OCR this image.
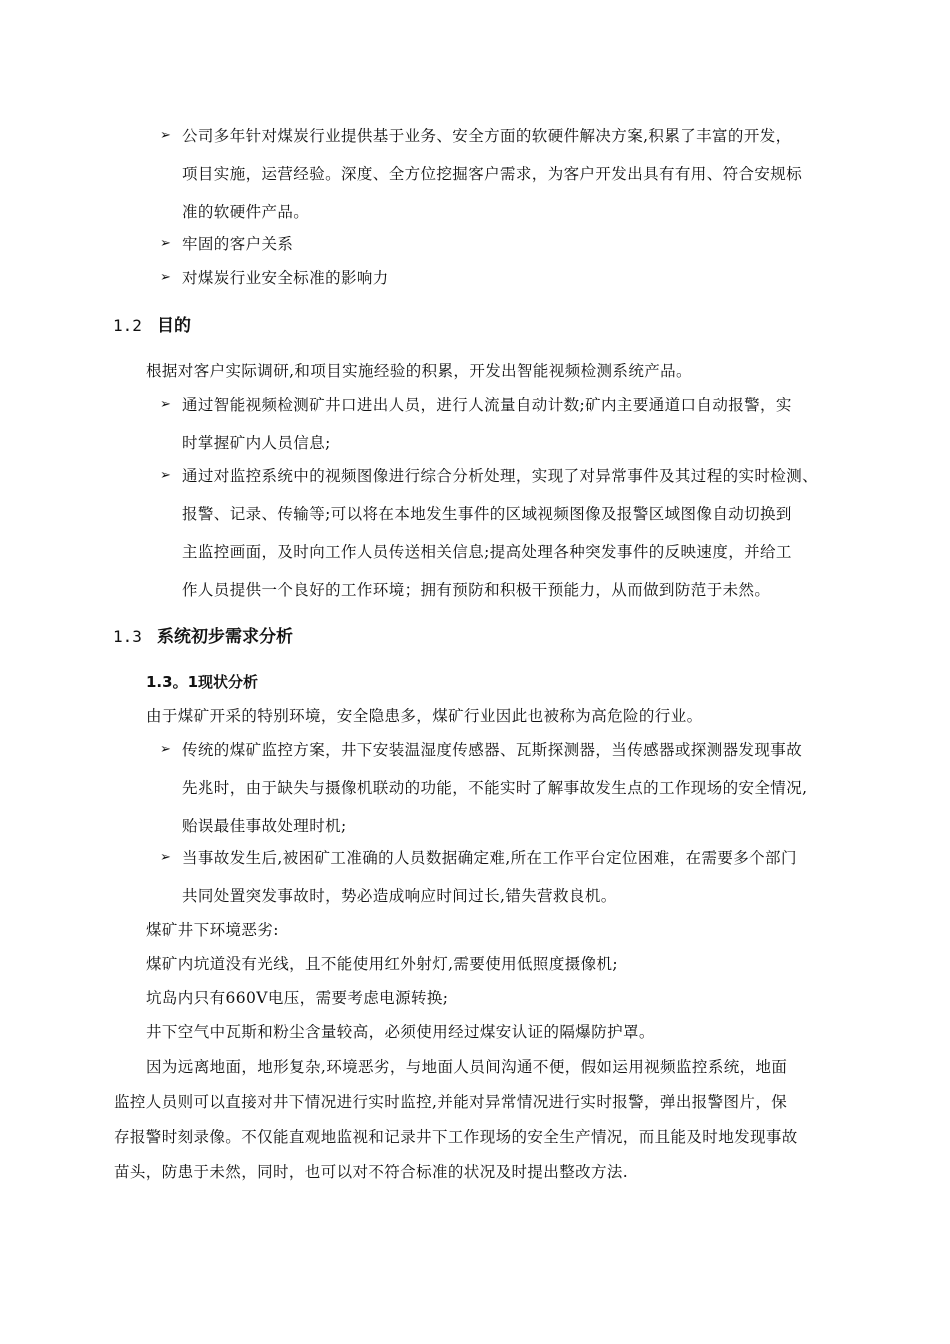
➢ 公司多年针对煤炭行业提供基于业务、安全方面的软硬件解决方案,积累了丰富的开发，
项目实施，运营经验。深度、全方位挖掘客户需求，为客户开发出具有有用、符合安规标
准的软硬件产品。
➢ 牢固的客户关系
➢ 对煤炭行业安全标准的影响力
1.2 目的
根据对客户实际调研,和项目实施经验的积累，开发出智能视频检测系统产品。
➢ 通过智能视频检测矿井口进出人员，进行人流量自动计数;矿内主要通道口自动报警，实
时掌握矿内人员信息;
➢ 通过对监控系统中的视频图像进行综合分析处理，实现了对异常事件及其过程的实时检测、
报警、记录、传输等;可以将在本地发生事件的区域视频图像及报警区域图像自动切换到
主监控画面，及时向工作人员传送相关信息;提高处理各种突发事件的反映速度，并给工
作人员提供一个良好的工作环境；拥有预防和积极干预能力，从而做到防范于未然。
1.3 系统初步需求分析
1.3。1现状分析
由于煤矿开采的特别环境，安全隐患多，煤矿行业因此也被称为高危险的行业。
➢ 传统的煤矿监控方案，井下安装温湿度传感器、瓦斯探测器，当传感器或探测器发现事故
先兆时，由于缺失与摄像机联动的功能，不能实时了解事故发生点的工作现场的安全情况,
贻误最佳事故处理时机;
➢ 当事故发生后,被困矿工准确的人员数据确定难,所在工作平台定位困难，在需要多个部门
共同处置突发事故时，势必造成响应时间过长,错失营救良机。
煤矿井下环境恶劣:
煤矿内坑道没有光线，且不能使用红外射灯,需要使用低照度摄像机;
坑岛内只有660V电压，需要考虑电源转换;
井下空气中瓦斯和粉尘含量较高，必须使用经过煤安认证的隔爆防护罩。
因为远离地面，地形复杂,环境恶劣，与地面人员间沟通不便，假如运用视频监控系统，地面
监控人员则可以直接对井下情况进行实时监控,并能对异常情况进行实时报警，弹出报警图片，保
存报警时刻录像。不仅能直观地监视和记录井下工作现场的安全生产情况，而且能及时地发现事故
苗头，防患于未然，同时，也可以对不符合标准的状况及时提出整改方法.
